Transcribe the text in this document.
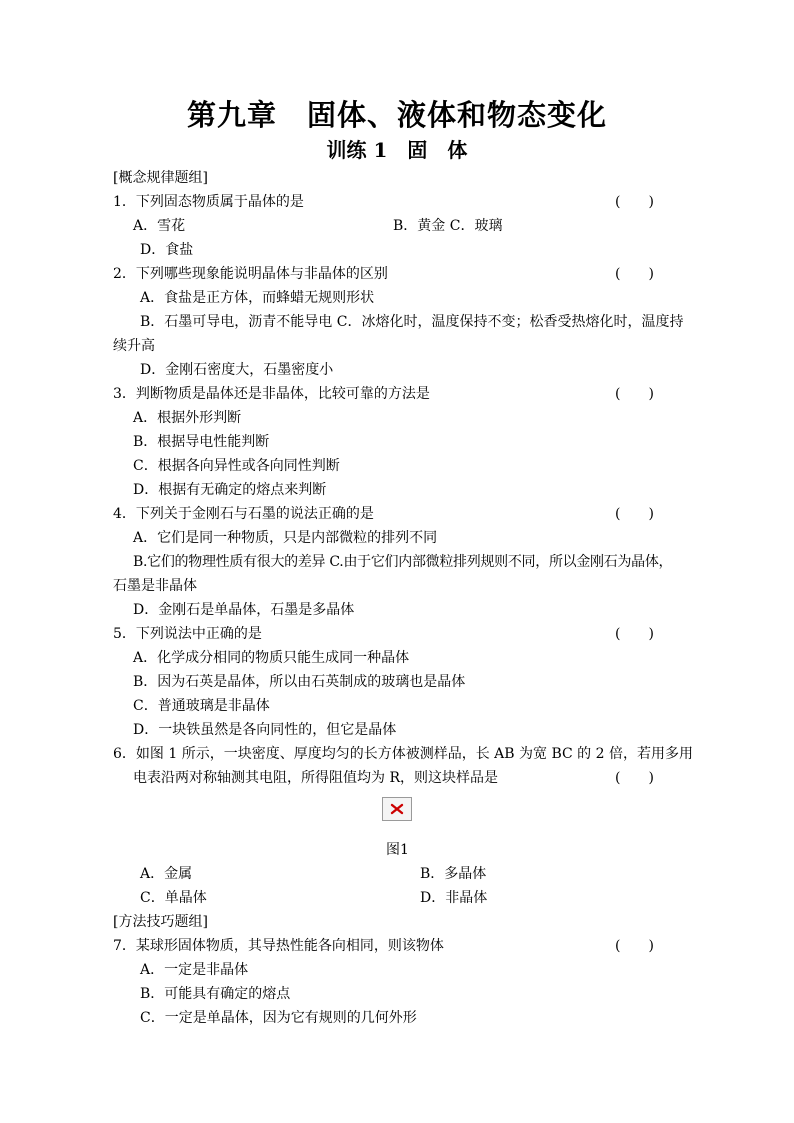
第九章　固体、液体和物态变化
训练 1　固　体
[概念规律题组]
1．下列固态物质属于晶体的是	(　　)
A．雪花	B．黄金 C．玻璃
D．食盐
2．下列哪些现象能说明晶体与非晶体的区别	(　　)
A．食盐是正方体，而蜂蜡无规则形状
B．石墨可导电，沥青不能导电 C．冰熔化时，温度保持不变；松香受热熔化时，温度持
续升高
D．金刚石密度大，石墨密度小
3．判断物质是晶体还是非晶体，比较可靠的方法是	(　　)
A．根据外形判断
B．根据导电性能判断
C．根据各向异性或各向同性判断
D．根据有无确定的熔点来判断
4．下列关于金刚石与石墨的说法正确的是	(　　)
A．它们是同一种物质，只是内部微粒的排列不同
B.它们的物理性质有很大的差异 C.由于它们内部微粒排列规则不同，所以金刚石为晶体，
石墨是非晶体
D．金刚石是单晶体，石墨是多晶体
5．下列说法中正确的是	(　　)
A．化学成分相同的物质只能生成同一种晶体
B．因为石英是晶体，所以由石英制成的玻璃也是晶体
C．普通玻璃是非晶体
D．一块铁虽然是各向同性的，但它是晶体
6．如图 1 所示，一块密度、厚度均匀的长方体被测样品，长 AB 为宽 BC 的 2 倍，若用多用
电表沿两对称轴测其电阻，所得阻值均为 R，则这块样品是	(　　)
图1
A．金属	B．多晶体
C．单晶体	D．非晶体
[方法技巧题组]
7．某球形固体物质，其导热性能各向相同，则该物体	(　　)
A．一定是非晶体
B．可能具有确定的熔点
C．一定是单晶体，因为它有规则的几何外形
